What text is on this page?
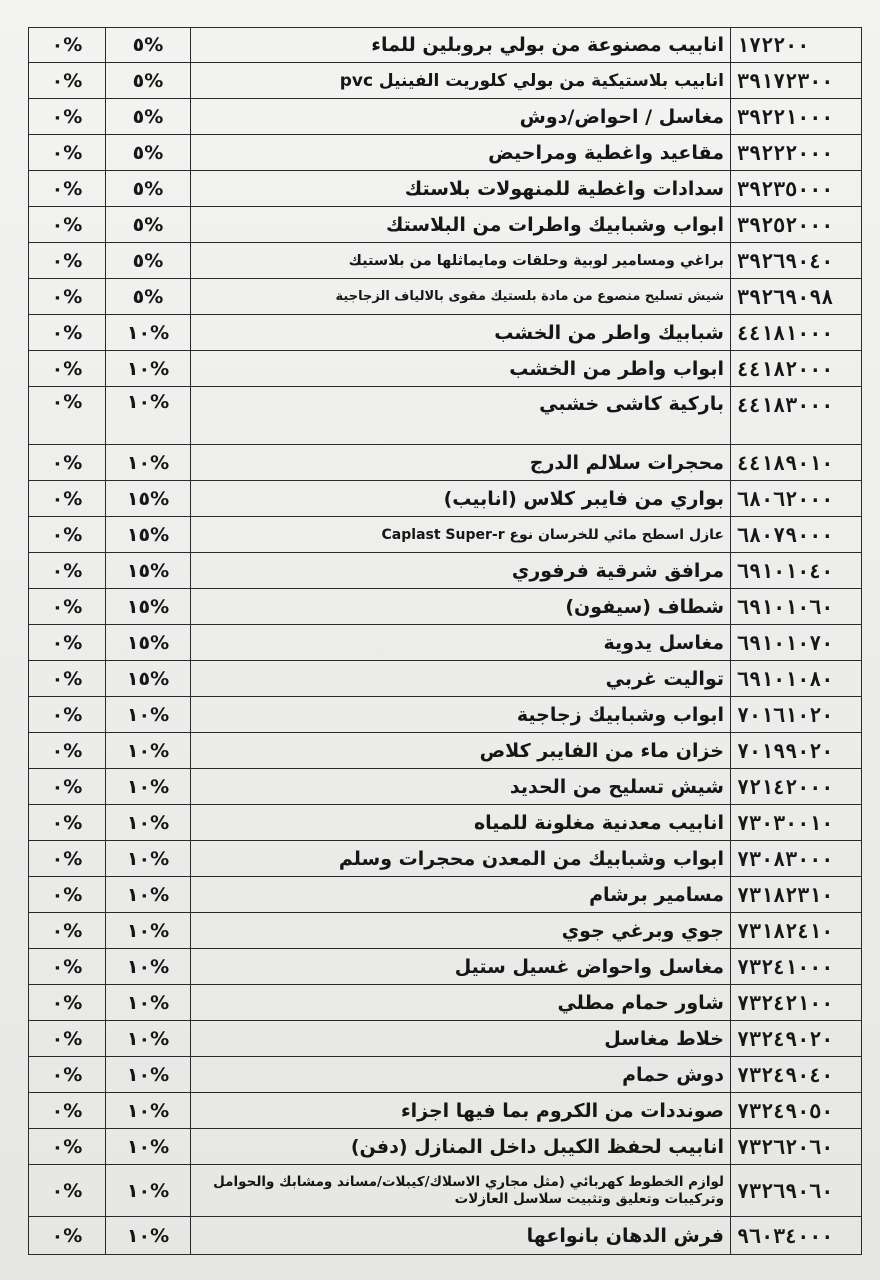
١٧٢٢٠٠	انابيب مصنوعة من بولي بروبلين للماء	%٥	%٠
٣٩١٧٢٣٠٠	انابيب بلاستيكية من بولي كلوريت الفينيل pvc	%٥	%٠
٣٩٢٢١٠٠٠	مغاسل / احواض/دوش	%٥	%٠
٣٩٢٢٢٠٠٠	مقاعيد واغطية ومراحيض	%٥	%٠
٣٩٢٣٥٠٠٠	سدادات واغطية للمنهولات بلاستك	%٥	%٠
٣٩٢٥٢٠٠٠	ابواب وشبابيك واطرات من البلاستك	%٥	%٠
٣٩٢٦٩٠٤٠	براغي ومسامير لوبية وحلقات ومايماثلها من بلاستيك	%٥	%٠
٣٩٢٦٩٠٩٨	شيش تسليح منصوع من مادة بلستيك مقوى بالالياف الزجاجية	%٥	%٠
٤٤١٨١٠٠٠	شبابيك واطر من الخشب	%١٠	%٠
٤٤١٨٢٠٠٠	ابواب واطر من الخشب	%١٠	%٠
٤٤١٨٣٠٠٠	باركية كاشى خشبي	%١٠	%٠
٤٤١٨٩٠١٠	محجرات سلالم الدرج	%١٠	%٠
٦٨٠٦٢٠٠٠	بواري من فايبر كلاس (انابيب)	%١٥	%٠
٦٨٠٧٩٠٠٠	عازل اسطح مائي للخرسان نوع Caplast Super-r	%١٥	%٠
٦٩١٠١٠٤٠	مرافق شرقية فرفوري	%١٥	%٠
٦٩١٠١٠٦٠	شطاف (سيفون)	%١٥	%٠
٦٩١٠١٠٧٠	مغاسل يدوية	%١٥	%٠
٦٩١٠١٠٨٠	تواليت غربي	%١٥	%٠
٧٠١٦١٠٢٠	ابواب وشبابيك زجاجية	%١٠	%٠
٧٠١٩٩٠٢٠	خزان ماء من الفايبر كلاص	%١٠	%٠
٧٢١٤٢٠٠٠	شيش تسليح من الحديد	%١٠	%٠
٧٣٠٣٠٠١٠	انابيب معدنية مغلونة للمياه	%١٠	%٠
٧٣٠٨٣٠٠٠	ابواب وشبابيك من المعدن محجرات وسلم	%١٠	%٠
٧٣١٨٢٣١٠	مسامير برشام	%١٠	%٠
٧٣١٨٢٤١٠	جوي وبرغي جوي	%١٠	%٠
٧٣٢٤١٠٠٠	مغاسل واحواض غسيل ستيل	%١٠	%٠
٧٣٢٤٢١٠٠	شاور حمام مطلي	%١٠	%٠
٧٣٢٤٩٠٢٠	خلاط مغاسل	%١٠	%٠
٧٣٢٤٩٠٤٠	دوش حمام	%١٠	%٠
٧٣٢٤٩٠٥٠	صونددات من الكروم بما فيها اجزاء	%١٠	%٠
٧٣٢٦٢٠٦٠	انابيب لحفظ الكيبل داخل المنازل (دفن)	%١٠	%٠
٧٣٢٦٩٠٦٠	لوازم الخطوط كهربائي (مثل مجاري الاسلاك/كيبلات/مساند ومشابك والحوامل وتركيبات وتعليق وتثبيت سلاسل العازلات	%١٠	%٠
٩٦٠٣٤٠٠٠	فرش الدهان بانواعها	%١٠	%٠
